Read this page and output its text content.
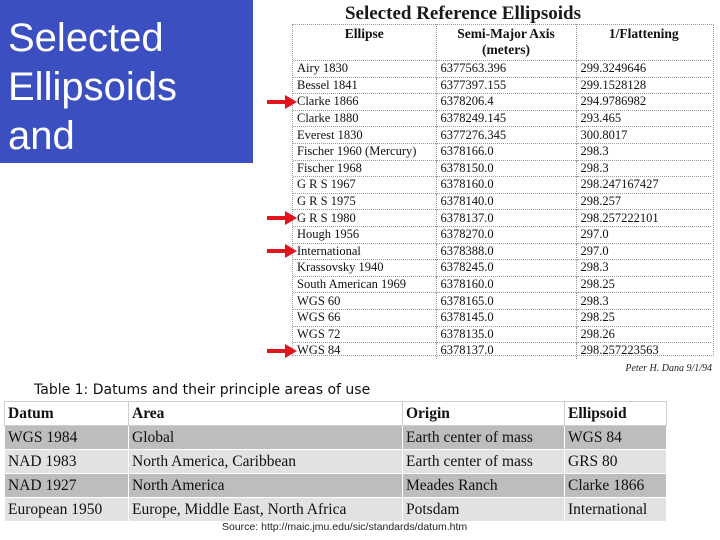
Selected
Ellipsoids and
Datums
Selected Reference Ellipsoids
Ellipse	Semi-Major Axis (meters)	1/Flattening
Airy 1830	6377563.396	299.3249646
Bessel 1841	6377397.155	299.1528128
Clarke 1866	6378206.4	294.9786982
Clarke 1880	6378249.145	293.465
Everest 1830	6377276.345	300.8017
Fischer 1960 (Mercury)	6378166.0	298.3
Fischer 1968	6378150.0	298.3
G R S 1967	6378160.0	298.247167427
G R S 1975	6378140.0	298.257
G R S 1980	6378137.0	298.257222101
Hough 1956	6378270.0	297.0
International	6378388.0	297.0
Krassovsky 1940	6378245.0	298.3
South American 1969	6378160.0	298.25
WGS 60	6378165.0	298.3
WGS 66	6378145.0	298.25
WGS 72	6378135.0	298.26
WGS 84	6378137.0	298.257223563
Peter H. Dana 9/1/94
Table 1: Datums and their principle areas of use
Datum	Area	Origin	Ellipsoid
WGS 1984	Global	Earth center of mass	WGS 84
NAD 1983	North America, Caribbean	Earth center of mass	GRS 80
NAD 1927	North America	Meades Ranch	Clarke 1866
European 1950	Europe, Middle East, North Africa	Potsdam	International
Source: http://maic.jmu.edu/sic/standards/datum.htm
